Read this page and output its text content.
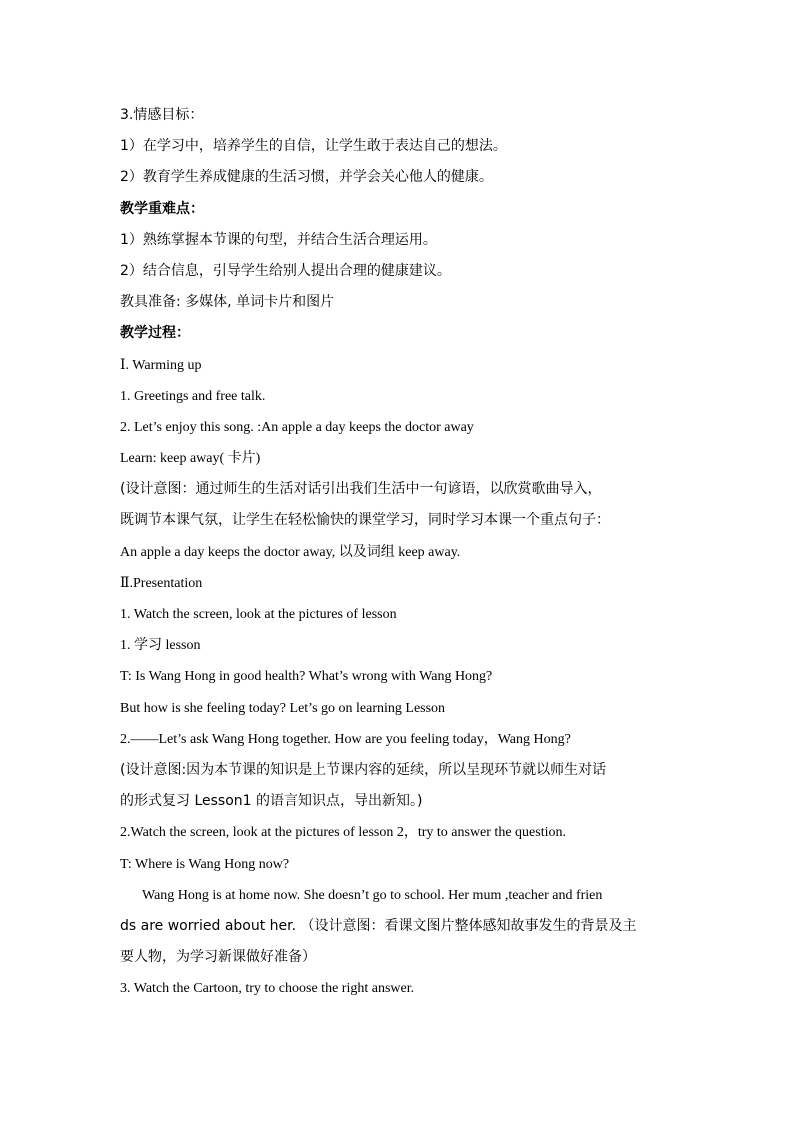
3.情感目标：
1）在学习中，培养学生的自信，让学生敢于表达自己的想法。
2）教育学生养成健康的生活习惯，并学会关心他人的健康。
教学重难点：
1）熟练掌握本节课的句型，并结合生活合理运用。
2）结合信息，引导学生给别人提出合理的健康建议。
教具准备: 多媒体, 单词卡片和图片
教学过程：
Ⅰ. Warming up
1. Greetings and free talk.
2. Let’s enjoy this song. :An apple a day keeps the doctor away
Learn: keep away( 卡片)
(设计意图：通过师生的生活对话引出我们生活中一句谚语，以欣赏歌曲导入，
既调节本课气氛，让学生在轻松愉快的课堂学习，同时学习本课一个重点句子：
An apple a day keeps the doctor away, 以及词组 keep away.
Ⅱ.Presentation
1. Watch the screen, look at the pictures of lesson
1. 学习 lesson
T: Is Wang Hong in good health? What’s wrong with Wang Hong?
But how is she feeling today? Let’s go on learning Lesson
2.——Let’s ask Wang Hong together. How are you feeling today，Wang Hong?
(设计意图:因为本节课的知识是上节课内容的延续，所以呈现环节就以师生对话
的形式复习 Lesson1 的语言知识点，导出新知。)
2.Watch the screen, look at the pictures of lesson 2，try to answer the question.
T: Where is Wang Hong now?
Wang Hong is at home now. She doesn’t go to school. Her mum ,teacher and frien
ds are worried about her. （设计意图：看课文图片整体感知故事发生的背景及主
要人物，为学习新课做好准备）
3. Watch the Cartoon, try to choose the right answer.
